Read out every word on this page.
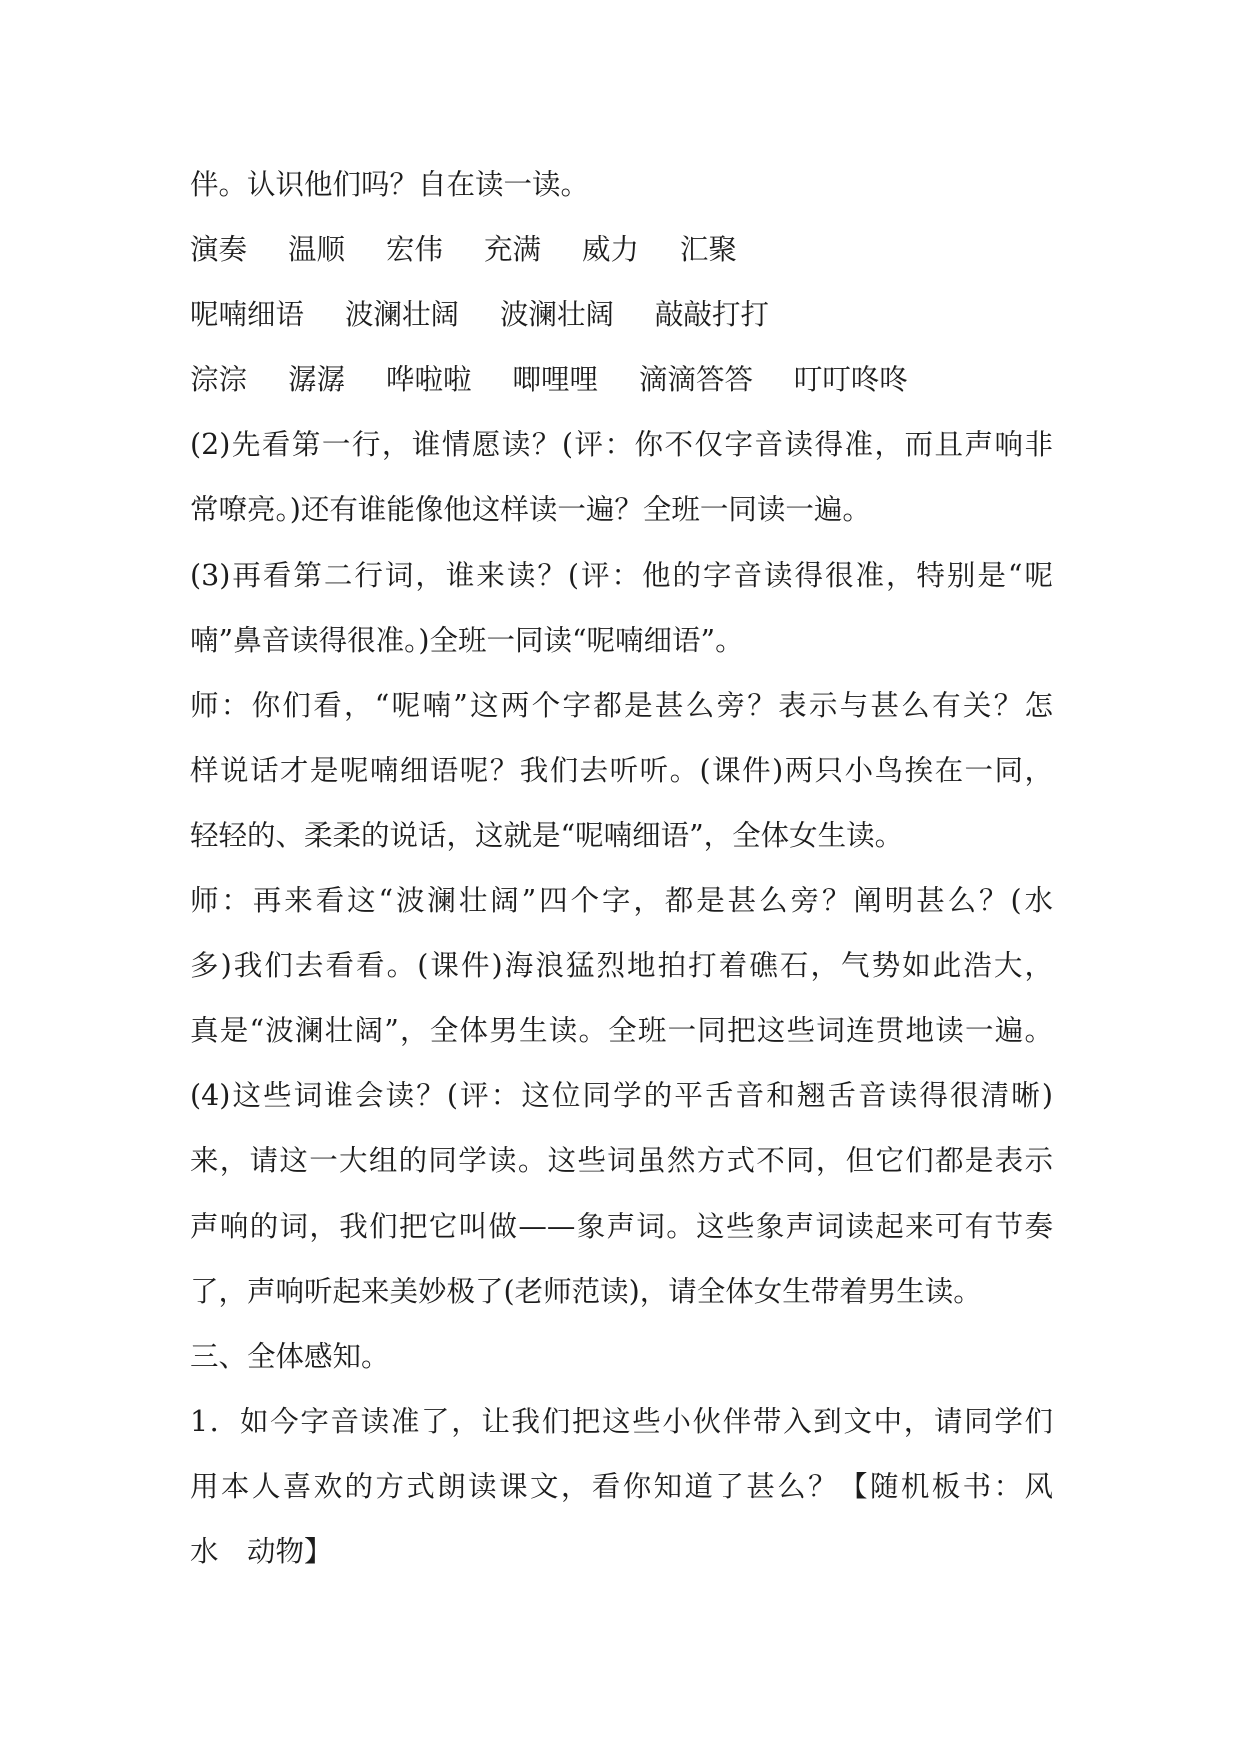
伴。认识他们吗？自在读一读。
演奏 温顺 宏伟 充满 威力 汇聚
呢喃细语 波澜壮阔 波澜壮阔 敲敲打打
淙淙 潺潺 哗啦啦 唧哩哩 滴滴答答 叮叮咚咚
(2)先看第一行，谁情愿读？(评：你不仅字音读得准，而且声响非
常嘹亮。)还有谁能像他这样读一遍？全班一同读一遍。
(3)再看第二行词，谁来读？(评：他的字音读得很准，特别是“呢
喃”鼻音读得很准。)全班一同读“呢喃细语”。
师：你们看，“呢喃”这两个字都是甚么旁？表示与甚么有关？怎
样说话才是呢喃细语呢？我们去听听。(课件)两只小鸟挨在一同，
轻轻的、柔柔的说话，这就是“呢喃细语”，全体女生读。
师：再来看这“波澜壮阔”四个字，都是甚么旁？阐明甚么？(水
多)我们去看看。(课件)海浪猛烈地拍打着礁石，气势如此浩大，
真是“波澜壮阔”，全体男生读。全班一同把这些词连贯地读一遍。
(4)这些词谁会读？(评：这位同学的平舌音和翘舌音读得很清晰)
来，请这一大组的同学读。这些词虽然方式不同，但它们都是表示
声响的词，我们把它叫做——象声词。这些象声词读起来可有节奏
了，声响听起来美妙极了(老师范读)，请全体女生带着男生读。
三、全体感知。
1．如今字音读准了，让我们把这些小伙伴带入到文中，请同学们
用本人喜欢的方式朗读课文，看你知道了甚么？【随机板书：风
水　动物】
